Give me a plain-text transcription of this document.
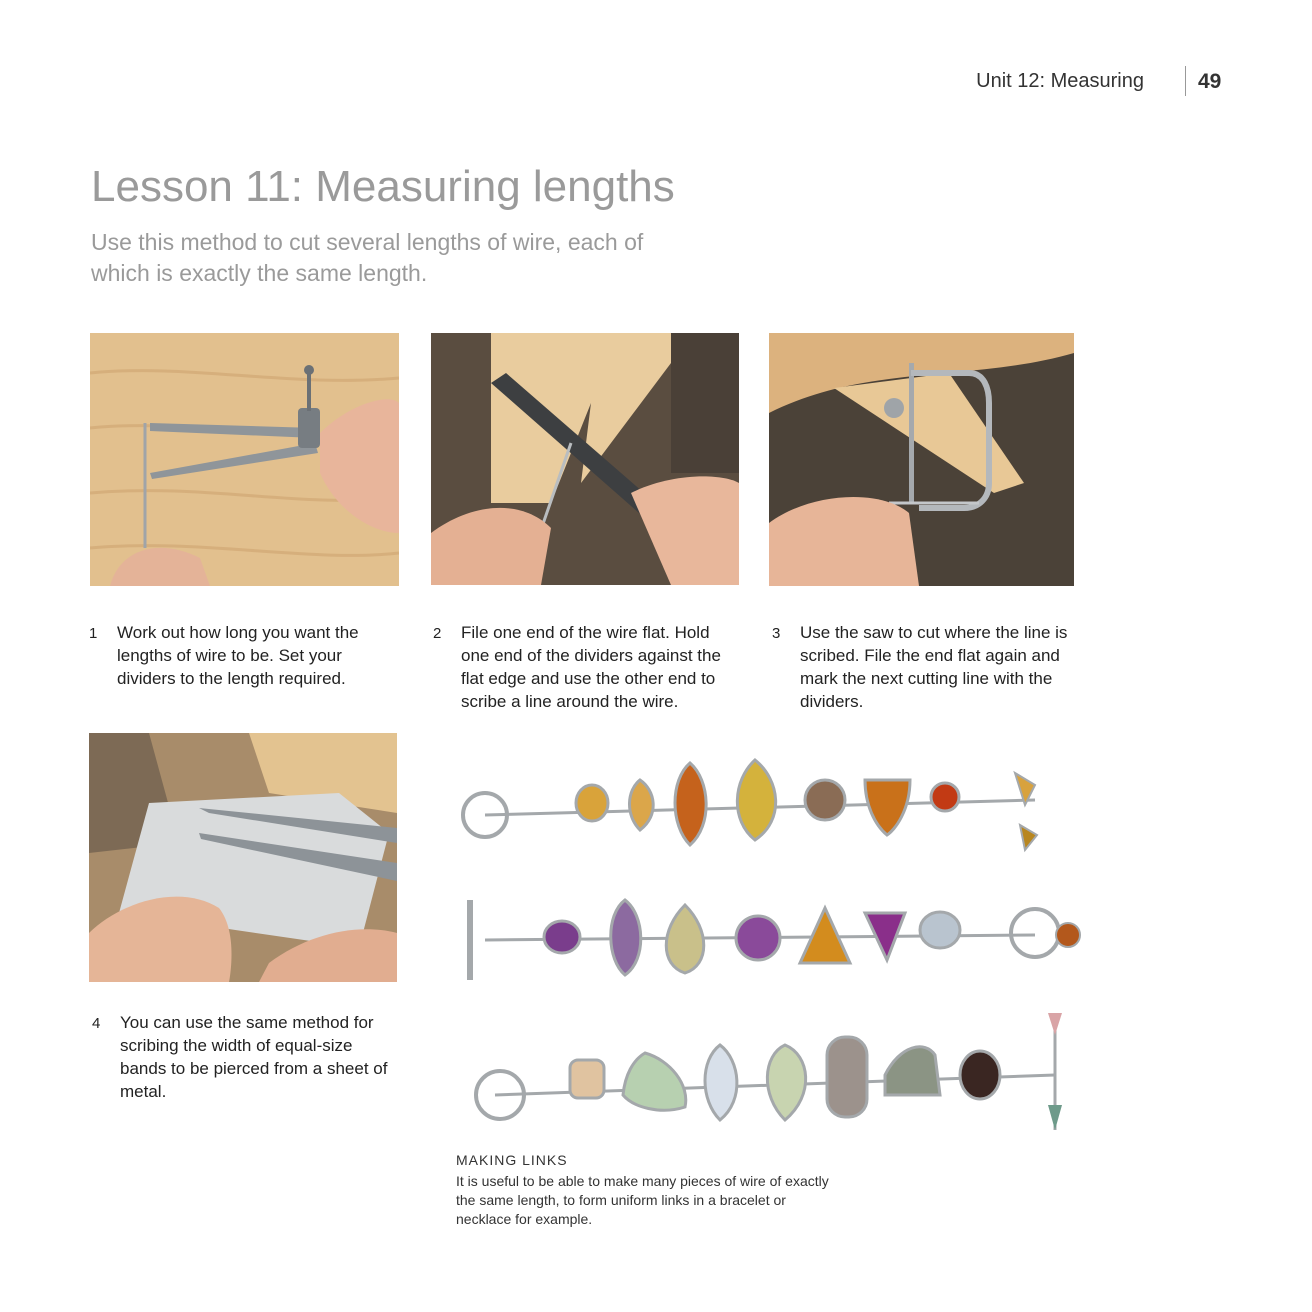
Unit 12: Measuring	49
Lesson 11: Measuring lengths

Use this method to cut several lengths of wire, each of which is exactly the same length.

1 Work out how long you want the lengths of wire to be. Set your dividers to the length required.
2 File one end of the wire flat. Hold one end of the dividers against the flat edge and use the other end to scribe a line around the wire.
3 Use the saw to cut where the line is scribed. File the end flat again and mark the next cutting line with the dividers.
4 You can use the same method for scribing the width of equal-size bands to be pierced from a sheet of metal.
MAKING LINKS
It is useful to be able to make many pieces of wire of exactly the same length, to form uniform links in a bracelet or necklace for example.
